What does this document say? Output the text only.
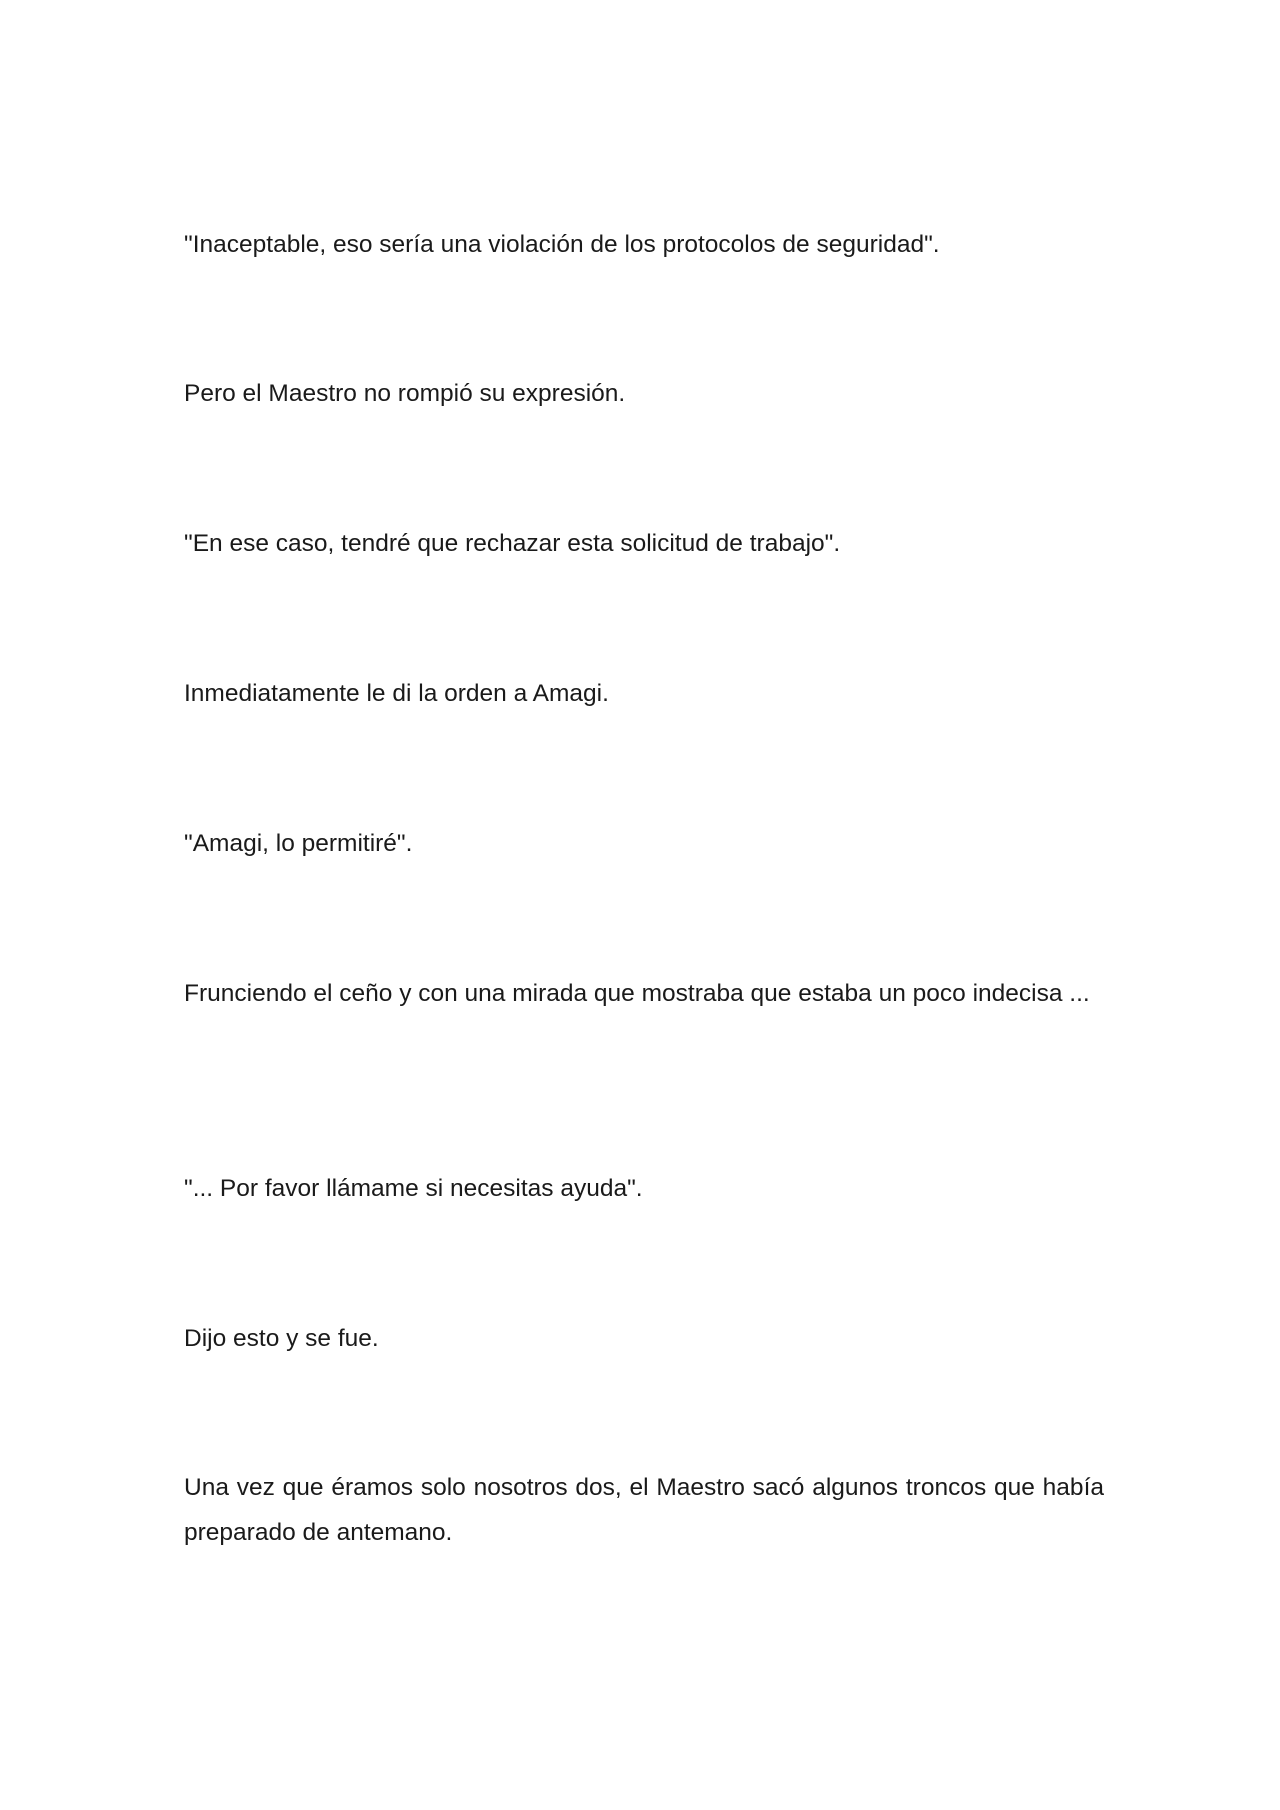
"Inaceptable, eso sería una violación de los protocolos de seguridad".

Pero el Maestro no rompió su expresión.

"En ese caso, tendré que rechazar esta solicitud de trabajo".

Inmediatamente le di la orden a Amagi.

"Amagi, lo permitiré".

Frunciendo el ceño y con una mirada que mostraba que estaba un poco indecisa ...

"... Por favor llámame si necesitas ayuda".

Dijo esto y se fue.

Una vez que éramos solo nosotros dos, el Maestro sacó algunos troncos que había preparado de antemano.
